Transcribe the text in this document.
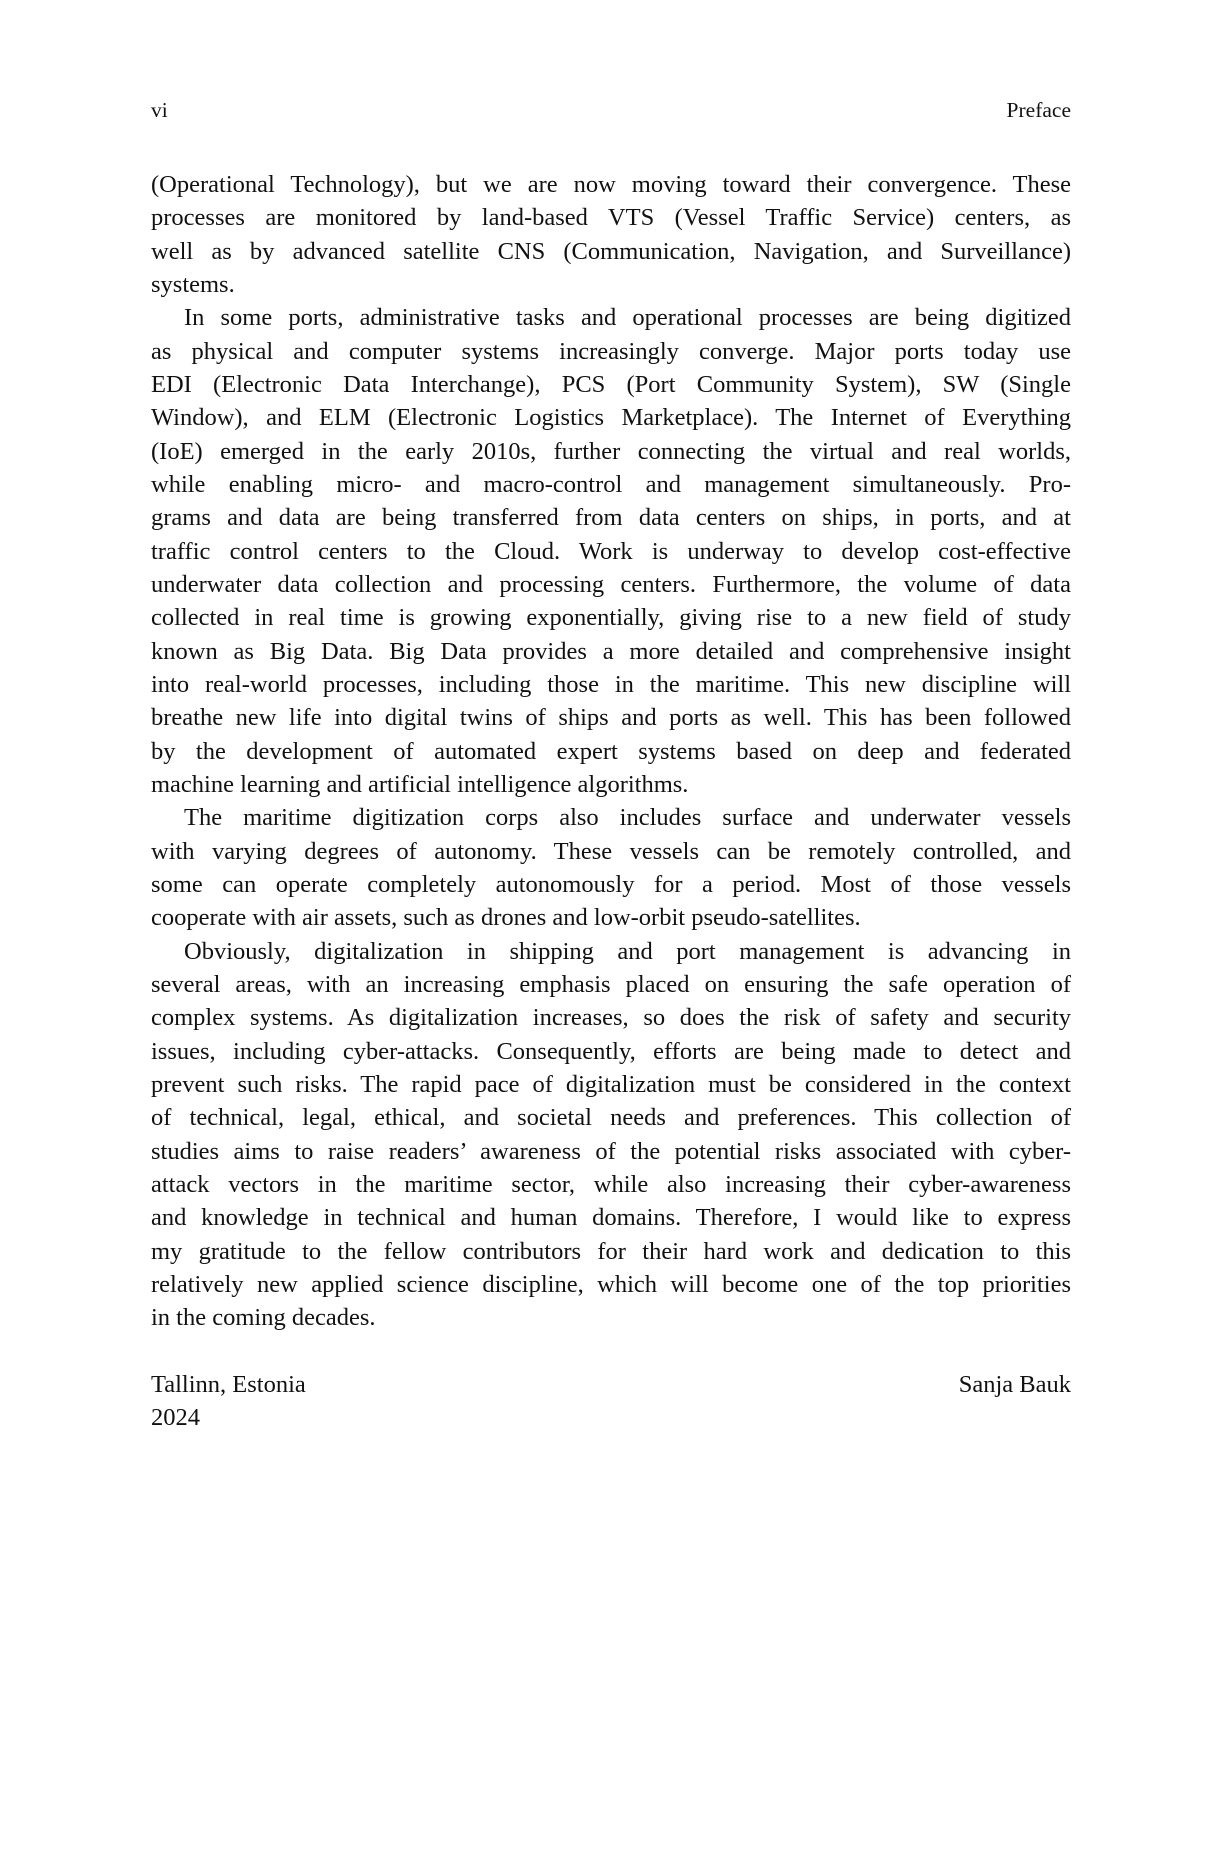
vi	Preface
(Operational Technology), but we are now moving toward their convergence. These
processes are monitored by land-based VTS (Vessel Traffic Service) centers, as
well as by advanced satellite CNS (Communication, Navigation, and Surveillance)
systems.
In some ports, administrative tasks and operational processes are being digitized
as physical and computer systems increasingly converge. Major ports today use
EDI (Electronic Data Interchange), PCS (Port Community System), SW (Single
Window), and ELM (Electronic Logistics Marketplace). The Internet of Everything
(IoE) emerged in the early 2010s, further connecting the virtual and real worlds,
while enabling micro- and macro-control and management simultaneously. Pro-
grams and data are being transferred from data centers on ships, in ports, and at
traffic control centers to the Cloud. Work is underway to develop cost-effective
underwater data collection and processing centers. Furthermore, the volume of data
collected in real time is growing exponentially, giving rise to a new field of study
known as Big Data. Big Data provides a more detailed and comprehensive insight
into real-world processes, including those in the maritime. This new discipline will
breathe new life into digital twins of ships and ports as well. This has been followed
by the development of automated expert systems based on deep and federated
machine learning and artificial intelligence algorithms.
The maritime digitization corps also includes surface and underwater vessels
with varying degrees of autonomy. These vessels can be remotely controlled, and
some can operate completely autonomously for a period. Most of those vessels
cooperate with air assets, such as drones and low-orbit pseudo-satellites.
Obviously, digitalization in shipping and port management is advancing in
several areas, with an increasing emphasis placed on ensuring the safe operation of
complex systems. As digitalization increases, so does the risk of safety and security
issues, including cyber-attacks. Consequently, efforts are being made to detect and
prevent such risks. The rapid pace of digitalization must be considered in the context
of technical, legal, ethical, and societal needs and preferences. This collection of
studies aims to raise readers’ awareness of the potential risks associated with cyber-
attack vectors in the maritime sector, while also increasing their cyber-awareness
and knowledge in technical and human domains. Therefore, I would like to express
my gratitude to the fellow contributors for their hard work and dedication to this
relatively new applied science discipline, which will become one of the top priorities
in the coming decades.
Tallinn, Estonia	Sanja Bauk
2024
